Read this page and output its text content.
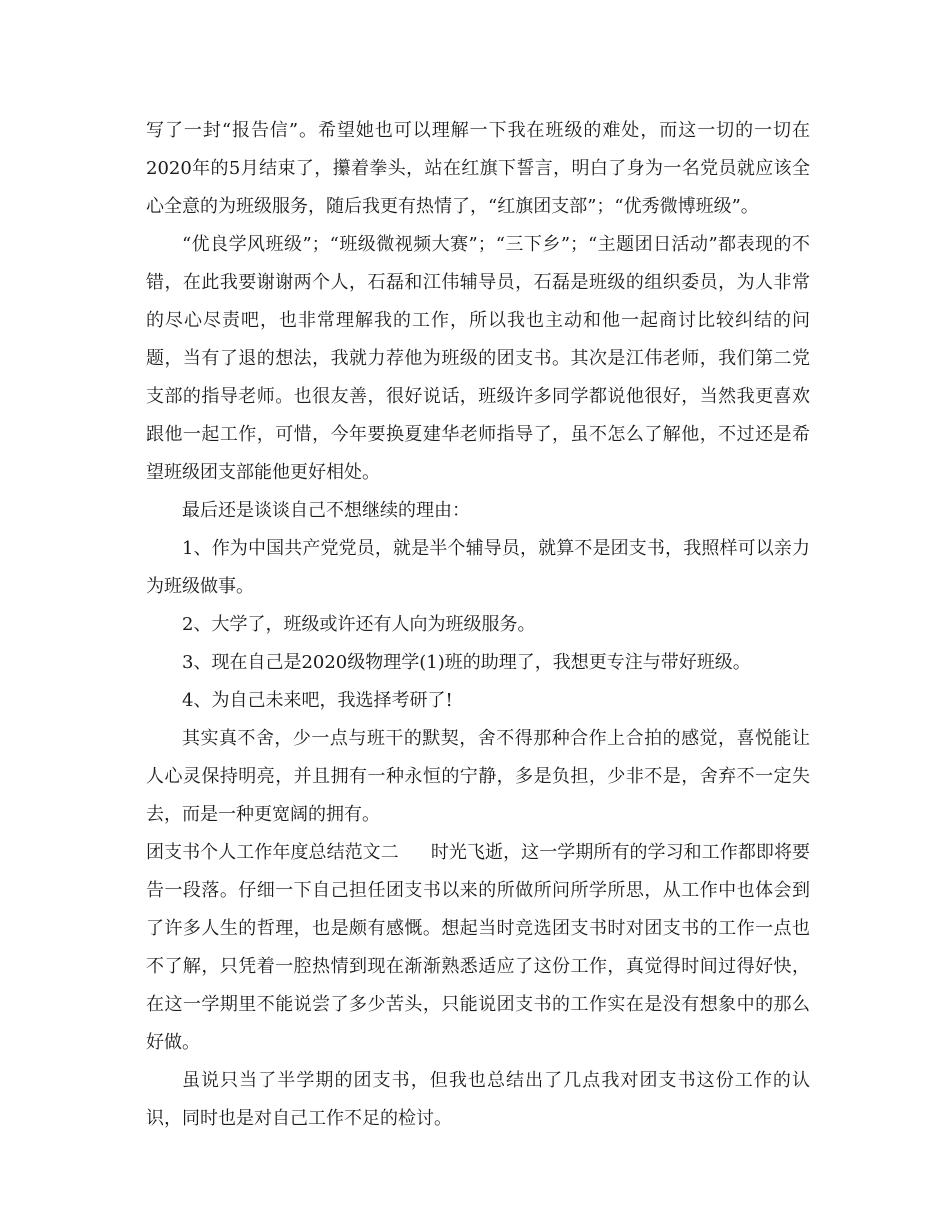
写了一封“报告信”。希望她也可以理解一下我在班级的难处，而这一切的一切在2020年的5月结束了，攥着拳头，站在红旗下誓言，明白了身为一名党员就应该全心全意的为班级服务，随后我更有热情了，“红旗团支部”；“优秀微博班级”。

“优良学风班级”；“班级微视频大赛”；“三下乡”；“主题团日活动”都表现的不错，在此我要谢谢两个人，石磊和江伟辅导员，石磊是班级的组织委员，为人非常的尽心尽责吧，也非常理解我的工作，所以我也主动和他一起商讨比较纠结的问题，当有了退的想法，我就力荐他为班级的团支书。其次是江伟老师，我们第二党支部的指导老师。也很友善，很好说话，班级许多同学都说他很好，当然我更喜欢跟他一起工作，可惜，今年要换夏建华老师指导了，虽不怎么了解他，不过还是希望班级团支部能他更好相处。

最后还是谈谈自己不想继续的理由：

1、作为中国共产党党员，就是半个辅导员，就算不是团支书，我照样可以亲力为班级做事。

2、大学了，班级或许还有人向为班级服务。

3、现在自己是2020级物理学(1)班的助理了，我想更专注与带好班级。

4、为自己未来吧，我选择考研了!

其实真不舍，少一点与班干的默契，舍不得那种合作上合拍的感觉，喜悦能让人心灵保持明亮，并且拥有一种永恒的宁静，多是负担，少非不是，舍弃不一定失去，而是一种更宽阔的拥有。

团支书个人工作年度总结范文二 时光飞逝，这一学期所有的学习和工作都即将要告一段落。仔细一下自己担任团支书以来的所做所问所学所思，从工作中也体会到了许多人生的哲理，也是颇有感慨。想起当时竞选团支书时对团支书的工作一点也不了解，只凭着一腔热情到现在渐渐熟悉适应了这份工作，真觉得时间过得好快，在这一学期里不能说尝了多少苦头，只能说团支书的工作实在是没有想象中的那么好做。

虽说只当了半学期的团支书，但我也总结出了几点我对团支书这份工作的认识，同时也是对自己工作不足的检讨。
